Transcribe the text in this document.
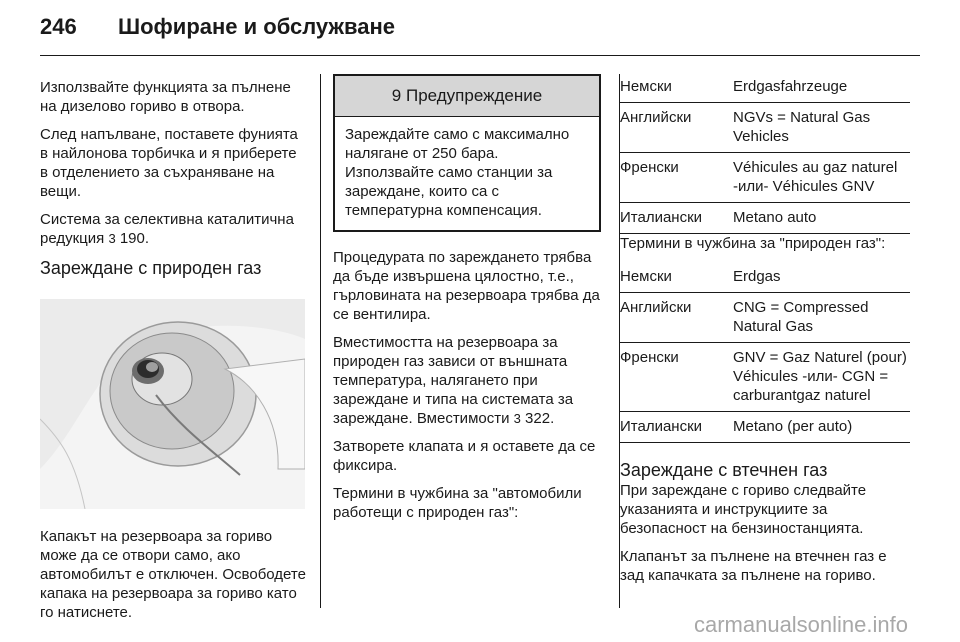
246 Шофиране и обслужване

Използвайте функцията за пълнене на дизелово гориво в отвора.

След напълване, поставете фунията в найлонова торбичка и я приберете в отделението за съхраняване на вещи.

Система за селективна каталитична редукция 3 190.

Зареждане с природен газ

Капакът на резервоара за гориво може да се отвори само, ако автомобилът е отключен. Освободете капака на резервоара за гориво като го натиснете.

9 Предупреждение
Зареждайте само с максимално налягане от 250 бара. Използвайте само станции за зареждане, които са с температурна компенсация.

Процедурата по зареждането трябва да бъде извършена цялостно, т.е., гърловината на резервоара трябва да се вентилира.

Вместимостта на резервоара за природен газ зависи от външната температура, налягането при зареждане и типа на системата за зареждане. Вместимости 3 322.

Затворете клапата и я оставете да се фиксира.

Термини в чужбина за "автомобили работещи с природен газ":

Немски	Erdgasfahrzeuge
Английски	NGVs = Natural Gas Vehicles
Френски	Véhicules au gaz naturel -или- Véhicules GNV
Италиански	Metano auto

Термини в чужбина за "природен газ":

Немски	Erdgas
Английски	CNG = Compressed Natural Gas
Френски	GNV = Gaz Naturel (pour) Véhicules -или- CGN = carburantgaz naturel
Италиански	Metano (per auto)
Зареждане с втечнен газ

При зареждане с гориво следвайте указанията и инструкциите за безопасност на бензиностанцията.

Клапанът за пълнене на втечнен газ е зад капачката за пълнене на гориво.

carmanualsonline.info
